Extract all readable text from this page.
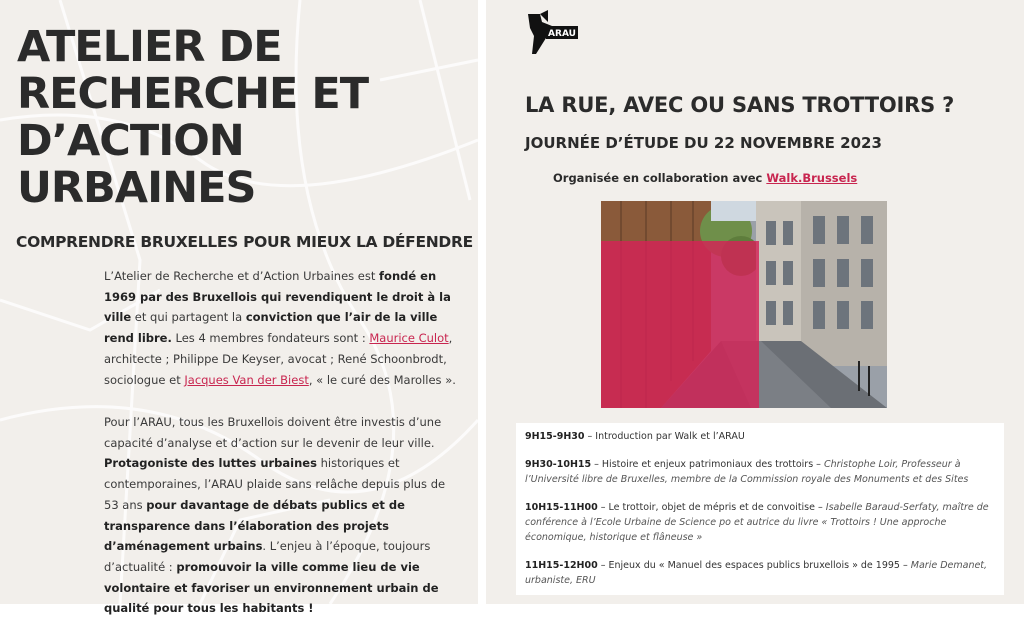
ATELIER DE
RECHERCHE ET
D’ACTION
URBAINES
COMPRENDRE BRUXELLES POUR MIEUX LA DÉFENDRE

L’Atelier de Recherche et d’Action Urbaines est fondé en 1969 par des Bruxellois qui revendiquent le droit à la ville et qui partagent la conviction que l’air de la ville rend libre. Les 4 membres fondateurs sont : Maurice Culot, architecte ; Philippe De Keyser, avocat ; René Schoonbrodt, sociologue et Jacques Van der Biest, « le curé des Marolles ».

Pour l’ARAU, tous les Bruxellois doivent être investis d’une capacité d’analyse et d’action sur le devenir de leur ville. Protagoniste des luttes urbaines historiques et contemporaines, l’ARAU plaide sans relâche depuis plus de 53 ans pour davantage de débats publics et de transparence dans l’élaboration des projets d’aménagement urbains. L’enjeu à l’époque, toujours d’actualité : promouvoir la ville comme lieu de vie volontaire et favoriser un environnement urbain de qualité pour tous les habitants !

ARAU
LA RUE, AVEC OU SANS TROTTOIRS ?
JOURNÉE D’ÉTUDE DU 22 NOVEMBRE 2023

Organisée en collaboration avec Walk.Brussels

9H15-9H30 – Introduction par Walk et l’ARAU

9H30-10H15 – Histoire et enjeux patrimoniaux des trottoirs – Christophe Loir, Professeur à l’Université libre de Bruxelles, membre de la Commission royale des Monuments et des Sites

10H15-11H00 – Le trottoir, objet de mépris et de convoitise – Isabelle Baraud-Serfaty, maître de conférence à l’Ecole Urbaine de Science po et autrice du livre « Trottoirs ! Une approche économique, historique et flâneuse »

11H15-12H00 – Enjeux du « Manuel des espaces publics bruxellois » de 1995 – Marie Demanet, urbaniste, ERU
